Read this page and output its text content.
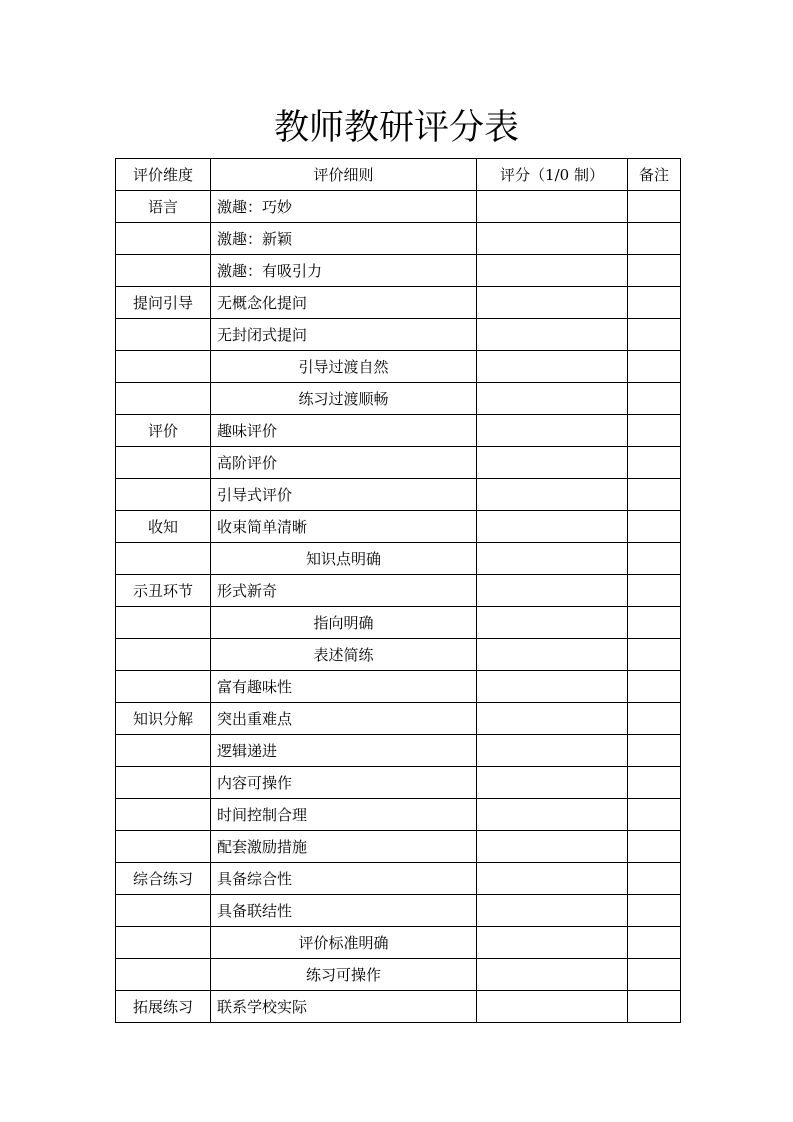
教师教研评分表
评价维度	评价细则	评分（1/0 制）	备注
语言	激趣：巧妙		
	激趣：新颖		
	激趣：有吸引力		
提问引导	无概念化提问		
	无封闭式提问		
	引导过渡自然		
	练习过渡顺畅		
评价	趣味评价		
	高阶评价		
	引导式评价		
收知	收束简单清晰		
	知识点明确		
示丑环节	形式新奇		
	指向明确		
	表述简练		
	富有趣味性		
知识分解	突出重难点		
	逻辑递进		
	内容可操作		
	时间控制合理		
	配套激励措施		
综合练习	具备综合性		
	具备联结性		
	评价标准明确		
	练习可操作		
拓展练习	联系学校实际		
